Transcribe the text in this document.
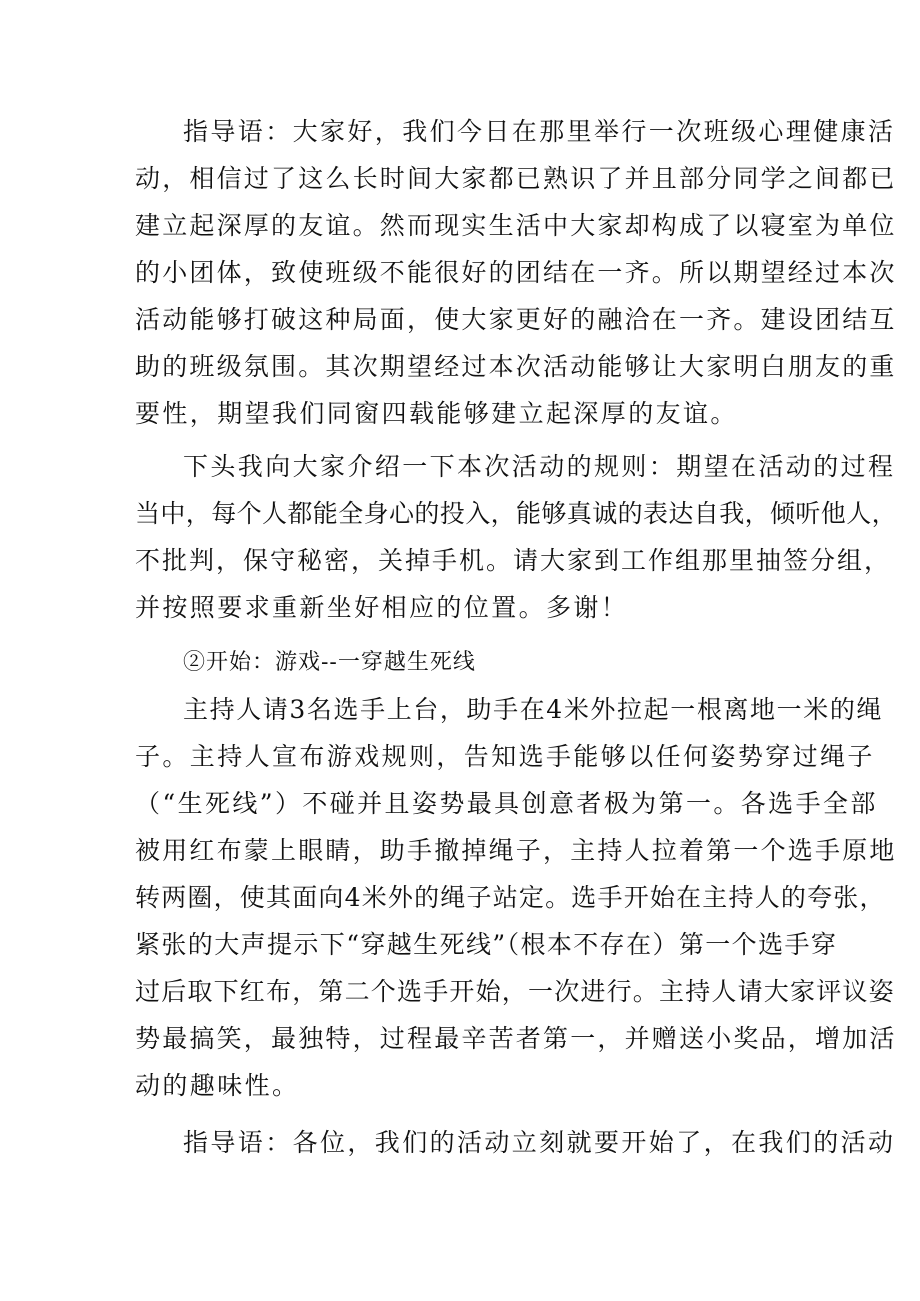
指导语：大家好，我们今日在那里举行一次班级心理健康活
动，相信过了这么长时间大家都已熟识了并且部分同学之间都已
建立起深厚的友谊。然而现实生活中大家却构成了以寝室为单位
的小团体，致使班级不能很好的团结在一齐。所以期望经过本次
活动能够打破这种局面，使大家更好的融洽在一齐。建设团结互
助的班级氛围。其次期望经过本次活动能够让大家明白朋友的重
要性，期望我们同窗四载能够建立起深厚的友谊。
下头我向大家介绍一下本次活动的规则：期望在活动的过程
当中，每个人都能全身心的投入，能够真诚的表达自我，倾听他人，
不批判，保守秘密，关掉手机。请大家到工作组那里抽签分组，
并按照要求重新坐好相应的位置。多谢！
②开始：游戏--一穿越生死线
主持人请3名选手上台，助手在4米外拉起一根离地一米的绳
子。主持人宣布游戏规则，告知选手能够以任何姿势穿过绳子
（“生死线”）不碰并且姿势最具创意者极为第一。各选手全部
被用红布蒙上眼睛，助手撤掉绳子，主持人拉着第一个选手原地
转两圈，使其面向4米外的绳子站定。选手开始在主持人的夸张，
紧张的大声提示下“穿越生死线”（根本不存在）第一个选手穿
过后取下红布，第二个选手开始，一次进行。主持人请大家评议姿
势最搞笑，最独特，过程最辛苦者第一，并赠送小奖品，增加活
动的趣味性。
指导语：各位，我们的活动立刻就要开始了，在我们的活动
